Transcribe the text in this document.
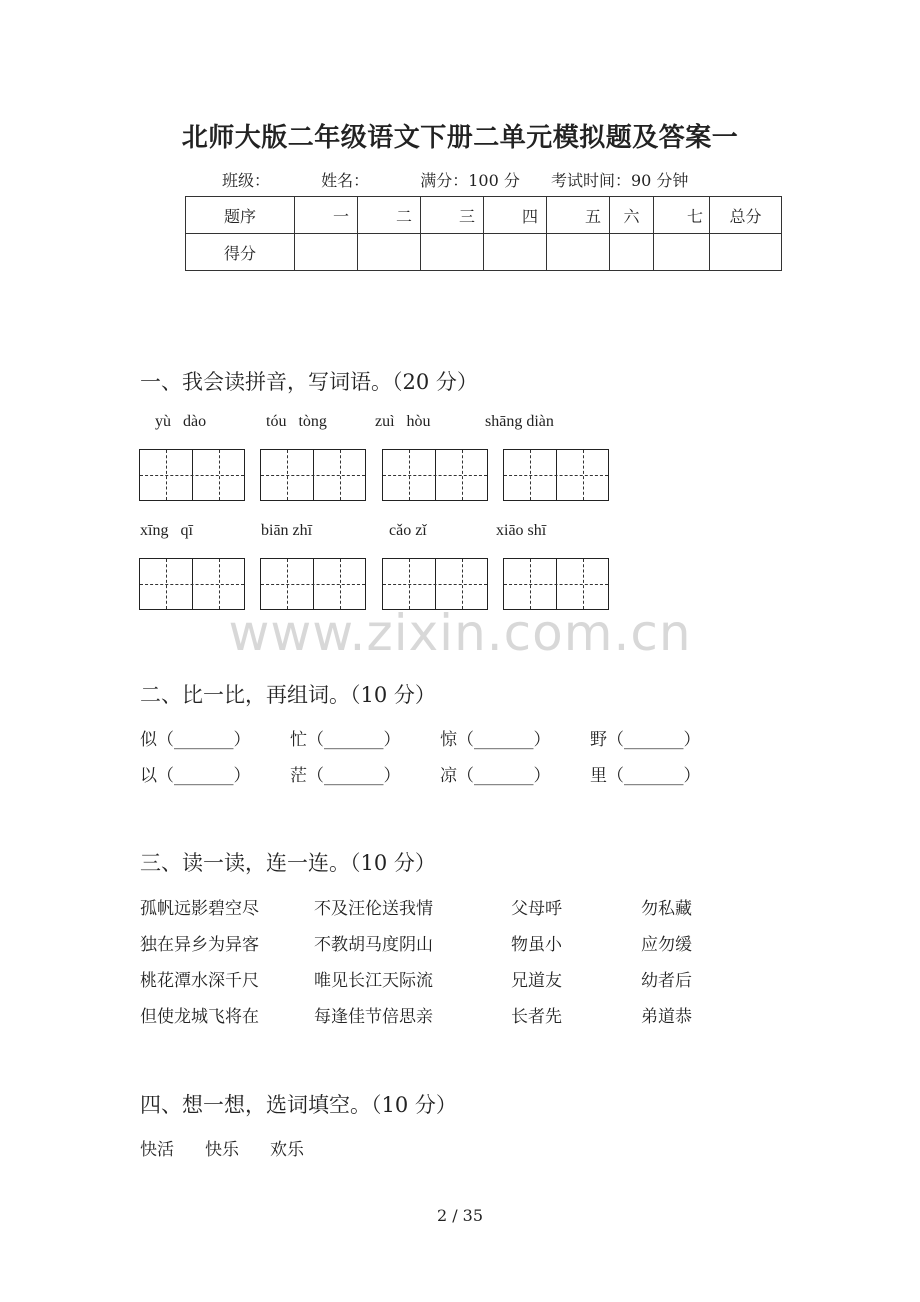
北师大版二年级语文下册二单元模拟题及答案一
班级：	姓名：	满分：100 分 考试时间：90 分钟
题序	一	二	三	四	五	六	七	总分
得分								
一、我会读拼音，写词语。（20 分）
yù   dào	tóu   tòng	zuì   hòu	shāng diàn
xīng   qī	biān zhī	cǎo zǐ	xiāo shī
www.zixin.com.cn
二、比一比，再组词。（10 分）
似（_______） 忙（_______） 惊（_______） 野（_______）
以（_______） 茫（_______） 凉（_______） 里（_______）
三、读一读，连一连。（10 分）
孤帆远影碧空尽	不及汪伦送我情	父母呼	勿私藏
独在异乡为异客	不教胡马度阴山	物虽小	应勿缓
桃花潭水深千尺	唯见长江天际流	兄道友	幼者后
但使龙城飞将在	每逢佳节倍思亲	长者先	弟道恭
四、想一想，选词填空。（10 分）
快活 快乐 欢乐
2 / 35
